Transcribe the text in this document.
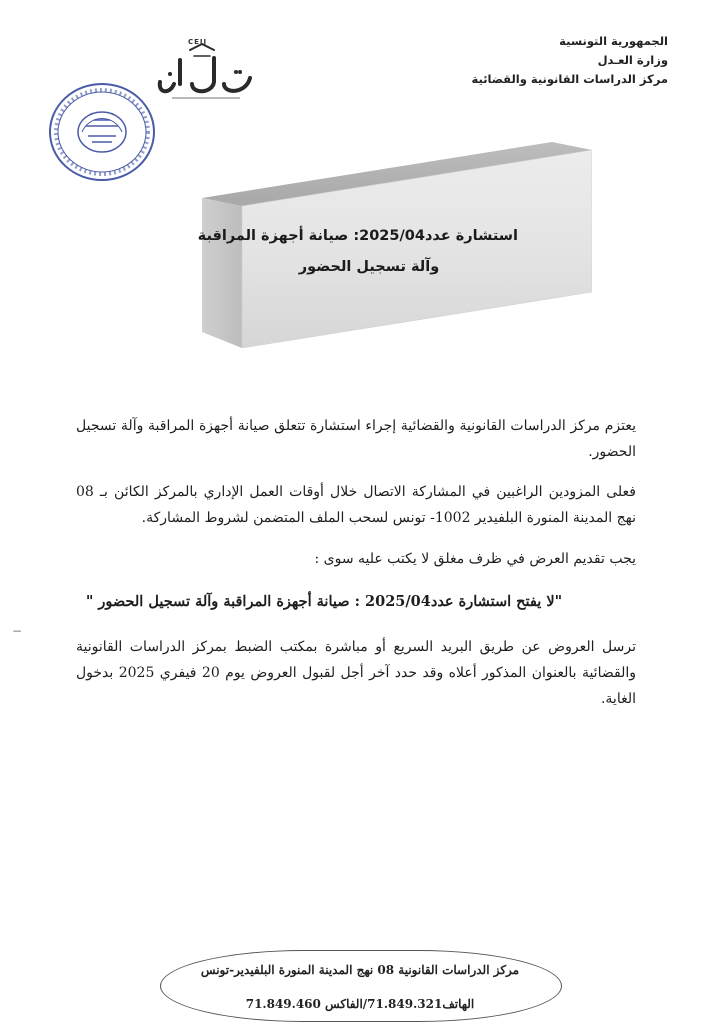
الجمهورية التونسية
وزارة العـدل
مركز الدراسات القانونية والقضائية
CEJJ
استشارة عدد2025/04: صيانة أجهزة المراقبة
وآلة تسجيل الحضور

يعتزم مركز الدراسات القانونية والقضائية إجراء استشارة تتعلق صيانة أجهزة المراقبة وآلة تسجيل الحضور.

فعلى المزودين الراغبين في المشاركة الاتصال خلال أوقات العمل الإداري بالمركز الكائن بـ 08 نهج المدينة المنورة البلفيدير 1002- تونس لسحب الملف المتضمن لشروط المشاركة.

يجب تقديم العرض في ظرف مغلق لا يكتب عليه سوى :

"لا يفتح استشارة عدد2025/04 : صيانة أجهزة المراقبة وآلة تسجيل الحضور "

−

ترسل العروض عن طريق البريد السريع أو مباشرة بمكتب الضبط بمركز الدراسات القانونية والقضائية بالعنوان المذكور أعلاه وقد حدد آخر أجل لقبول العروض يوم 20 فيفري 2025 بدخول الغاية.

مركز الدراسات القانونية 08 نهج المدينة المنورة البلفيدير-تونس
الهاتف71.849.321/الفاكس 71.849.460
